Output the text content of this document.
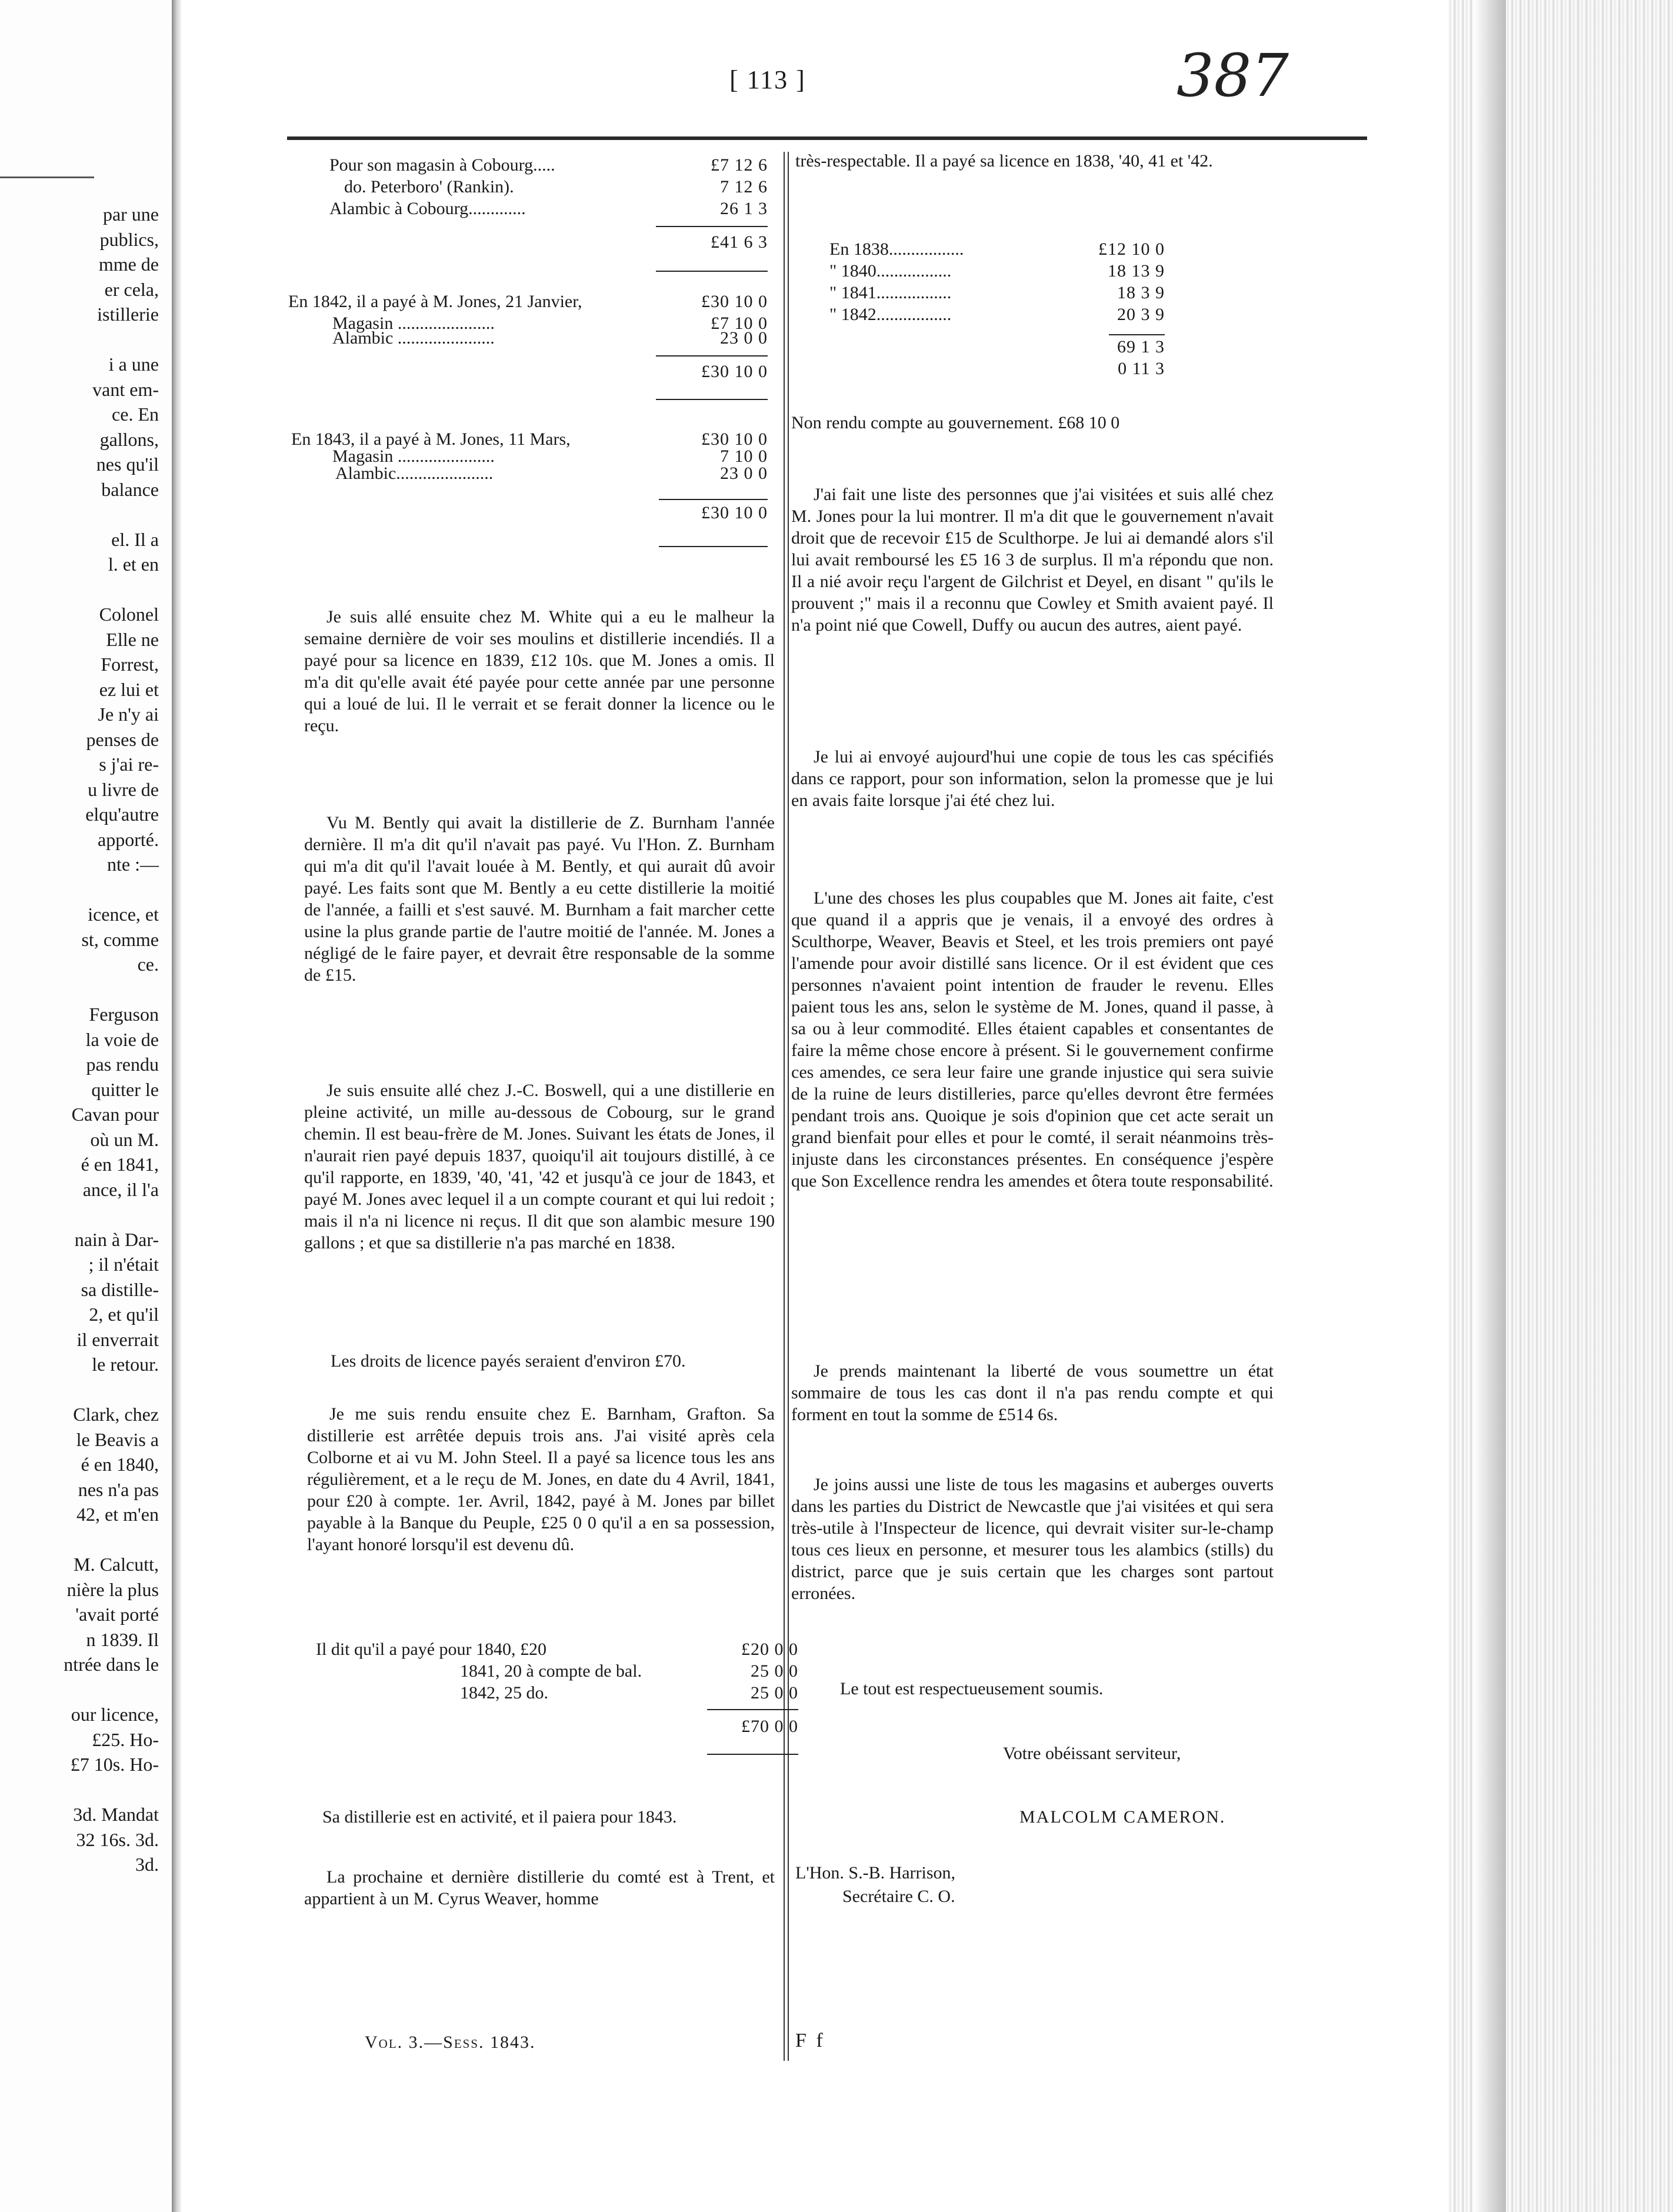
par une
publics,
mme de
er cela,
istillerie
i a une
vant em-
ce. En
gallons,
nes qu'il
balance
el. Il a
l. et en
Colonel
Elle ne
Forrest,
ez lui et
Je n'y ai
penses de
s j'ai re-
u livre de
elqu'autre
apporté.
nte :—
icence, et
st, comme
ce.
Ferguson
la voie de
pas rendu
quitter le
Cavan pour
où un M.
é en 1841,
ance, il l'a
nain à Dar-
; il n'était
sa distille-
2, et qu'il
il enverrait
le retour.
Clark, chez
le Beavis a
é en 1840,
nes n'a pas
42, et m'en
M. Calcutt,
nière la plus
'avait porté
n 1839. Il
ntrée dans le
our licence,
£25. Ho-
£7 10s. Ho-
3d. Mandat
32 16s. 3d.
3d.
[ 113 ]	387
Pour son magasin à Cobourg.....	£7 12 6
do. Peterboro' (Rankin).	7 12 6
Alambic à Cobourg.............	26 1 3
£41 6 3
En 1842, il a payé à M. Jones, 21 Janvier,	£30 10 0
Magasin ......................	£7 10 0
Alambic ......................	23 0 0
£30 10 0
En 1843, il a payé à M. Jones, 11 Mars,	£30 10 0
Magasin ......................	7 10 0
Alambic......................	23 0 0
£30 10 0
Je suis allé ensuite chez M. White qui a eu le malheur la semaine dernière de voir ses moulins et distillerie incendiés. Il a payé pour sa licence en 1839, £12 10s. que M. Jones a omis. Il m'a dit qu'elle avait été payée pour cette année par une personne qui a loué de lui. Il le verrait et se ferait donner la licence ou le reçu.
Vu M. Bently qui avait la distillerie de Z. Burnham l'année dernière. Il m'a dit qu'il n'avait pas payé. Vu l'Hon. Z. Burnham qui m'a dit qu'il l'avait louée à M. Bently, et qui aurait dû avoir payé. Les faits sont que M. Bently a eu cette distillerie la moitié de l'année, a failli et s'est sauvé. M. Burnham a fait marcher cette usine la plus grande partie de l'autre moitié de l'année. M. Jones a négligé de le faire payer, et devrait être responsable de la somme de £15.
Je suis ensuite allé chez J.-C. Boswell, qui a une distillerie en pleine activité, un mille au-dessous de Cobourg, sur le grand chemin. Il est beau-frère de M. Jones. Suivant les états de Jones, il n'aurait rien payé depuis 1837, quoiqu'il ait toujours distillé, à ce qu'il rapporte, en 1839, '40, '41, '42 et jusqu'à ce jour de 1843, et payé M. Jones avec lequel il a un compte courant et qui lui redoit ; mais il n'a ni licence ni reçus. Il dit que son alambic mesure 190 gallons ; et que sa distillerie n'a pas marché en 1838.
Les droits de licence payés seraient d'environ £70.
Je me suis rendu ensuite chez E. Barnham, Grafton. Sa distillerie est arrêtée depuis trois ans. J'ai visité après cela Colborne et ai vu M. John Steel. Il a payé sa licence tous les ans régulièrement, et a le reçu de M. Jones, en date du 4 Avril, 1841, pour £20 à compte. 1er. Avril, 1842, payé à M. Jones par billet payable à la Banque du Peuple, £25 0 0 qu'il a en sa possession, l'ayant honoré lorsqu'il est devenu dû.
Il dit qu'il a payé pour 1840, £20	£20 0 0
1841, 20 à compte de bal.	25 0 0
1842, 25 do.	25 0 0
£70 0 0
Sa distillerie est en activité, et il paiera pour 1843.
La prochaine et dernière distillerie du comté est à Trent, et appartient à un M. Cyrus Weaver, homme
très-respectable. Il a payé sa licence en 1838, '40, 41 et '42.
En 1838.................	£12 10 0
" 1840.................	18 13 9
" 1841.................	18 3 9
" 1842.................	20 3 9
69 1 3
0 11 3
Non rendu compte au gouvernement. £68 10 0
J'ai fait une liste des personnes que j'ai visitées et suis allé chez M. Jones pour la lui montrer. Il m'a dit que le gouvernement n'avait droit que de recevoir £15 de Sculthorpe. Je lui ai demandé alors s'il lui avait remboursé les £5 16 3 de surplus. Il m'a répondu que non. Il a nié avoir reçu l'argent de Gilchrist et Deyel, en disant " qu'ils le prouvent ;" mais il a reconnu que Cowley et Smith avaient payé. Il n'a point nié que Cowell, Duffy ou aucun des autres, aient payé.
Je lui ai envoyé aujourd'hui une copie de tous les cas spécifiés dans ce rapport, pour son information, selon la promesse que je lui en avais faite lorsque j'ai été chez lui.
L'une des choses les plus coupables que M. Jones ait faite, c'est que quand il a appris que je venais, il a envoyé des ordres à Sculthorpe, Weaver, Beavis et Steel, et les trois premiers ont payé l'amende pour avoir distillé sans licence. Or il est évident que ces personnes n'avaient point intention de frauder le revenu. Elles paient tous les ans, selon le système de M. Jones, quand il passe, à sa ou à leur commodité. Elles étaient capables et consentantes de faire la même chose encore à présent. Si le gouvernement confirme ces amendes, ce sera leur faire une grande injustice qui sera suivie de la ruine de leurs distilleries, parce qu'elles devront être fermées pendant trois ans. Quoique je sois d'opinion que cet acte serait un grand bienfait pour elles et pour le comté, il serait néanmoins très-injuste dans les circonstances présentes. En conséquence j'espère que Son Excellence rendra les amendes et ôtera toute responsabilité.
Je prends maintenant la liberté de vous soumettre un état sommaire de tous les cas dont il n'a pas rendu compte et qui forment en tout la somme de £514 6s.
Je joins aussi une liste de tous les magasins et auberges ouverts dans les parties du District de Newcastle que j'ai visitées et qui sera très-utile à l'Inspecteur de licence, qui devrait visiter sur-le-champ tous ces lieux en personne, et mesurer tous les alambics (stills) du district, parce que je suis certain que les charges sont partout erronées.
Le tout est respectueusement soumis.
Votre obéissant serviteur,
MALCOLM CAMERON.
L'Hon. S.-B. Harrison,
Secrétaire C. O.
Vol. 3.—Sess. 1843.	F f
